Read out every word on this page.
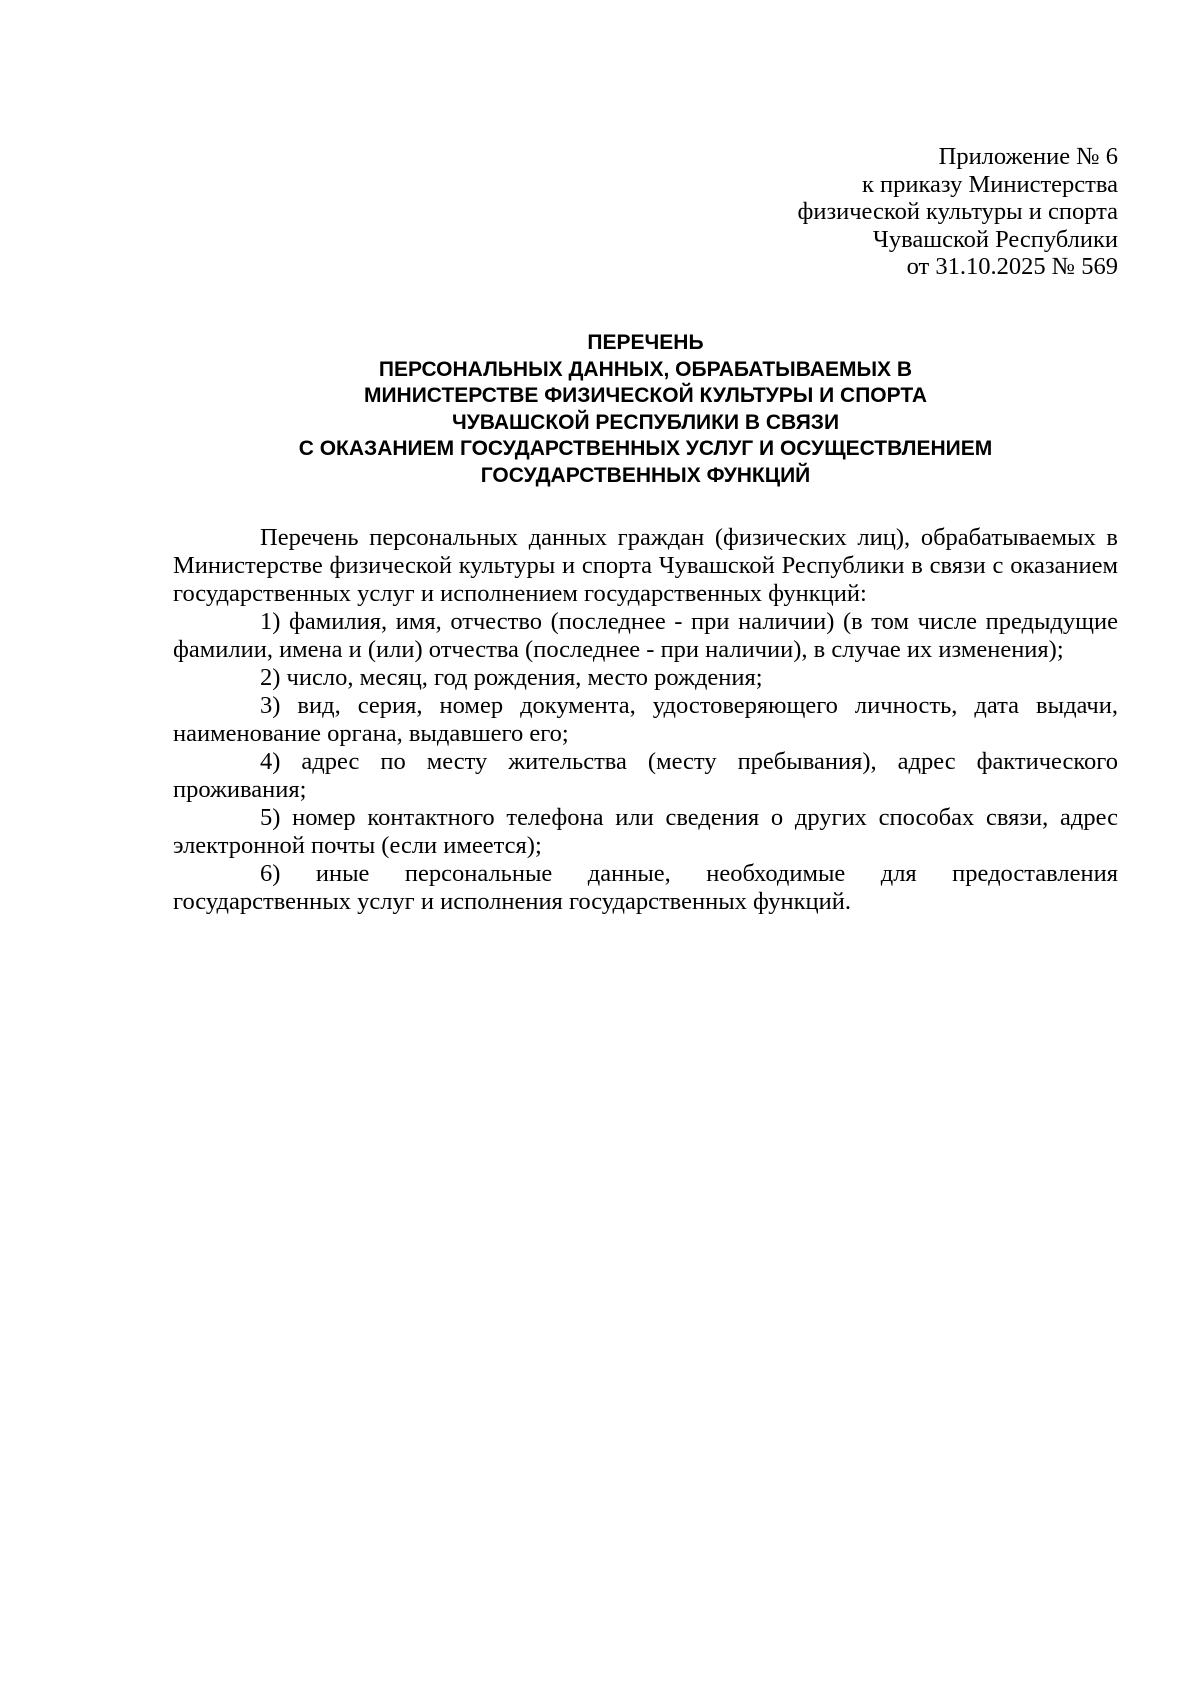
Приложение № 6
к приказу Министерства
физической культуры и спорта
Чувашской Республики
от 31.10.2025 № 569
ПЕРЕЧЕНЬ
ПЕРСОНАЛЬНЫХ ДАННЫХ, ОБРАБАТЫВАЕМЫХ В
МИНИСТЕРСТВЕ ФИЗИЧЕСКОЙ КУЛЬТУРЫ И СПОРТА
ЧУВАШСКОЙ РЕСПУБЛИКИ В СВЯЗИ
С ОКАЗАНИЕМ ГОСУДАРСТВЕННЫХ УСЛУГ И ОСУЩЕСТВЛЕНИЕМ
ГОСУДАРСТВЕННЫХ ФУНКЦИЙ

Перечень персональных данных граждан (физических лиц), обрабатываемых в Министерстве физической культуры и спорта Чувашской Республики в связи с оказанием государственных услуг и исполнением государственных функций:

1) фамилия, имя, отчество (последнее - при наличии) (в том числе предыдущие фамилии, имена и (или) отчества (последнее - при наличии), в случае их изменения);

2) число, месяц, год рождения, место рождения;

3) вид, серия, номер документа, удостоверяющего личность, дата выдачи, наименование органа, выдавшего его;

4) адрес по месту жительства (месту пребывания), адрес фактического проживания;

5) номер контактного телефона или сведения о других способах связи, адрес электронной почты (если имеется);

6) иные персональные данные, необходимые для предоставления государственных услуг и исполнения государственных функций.
